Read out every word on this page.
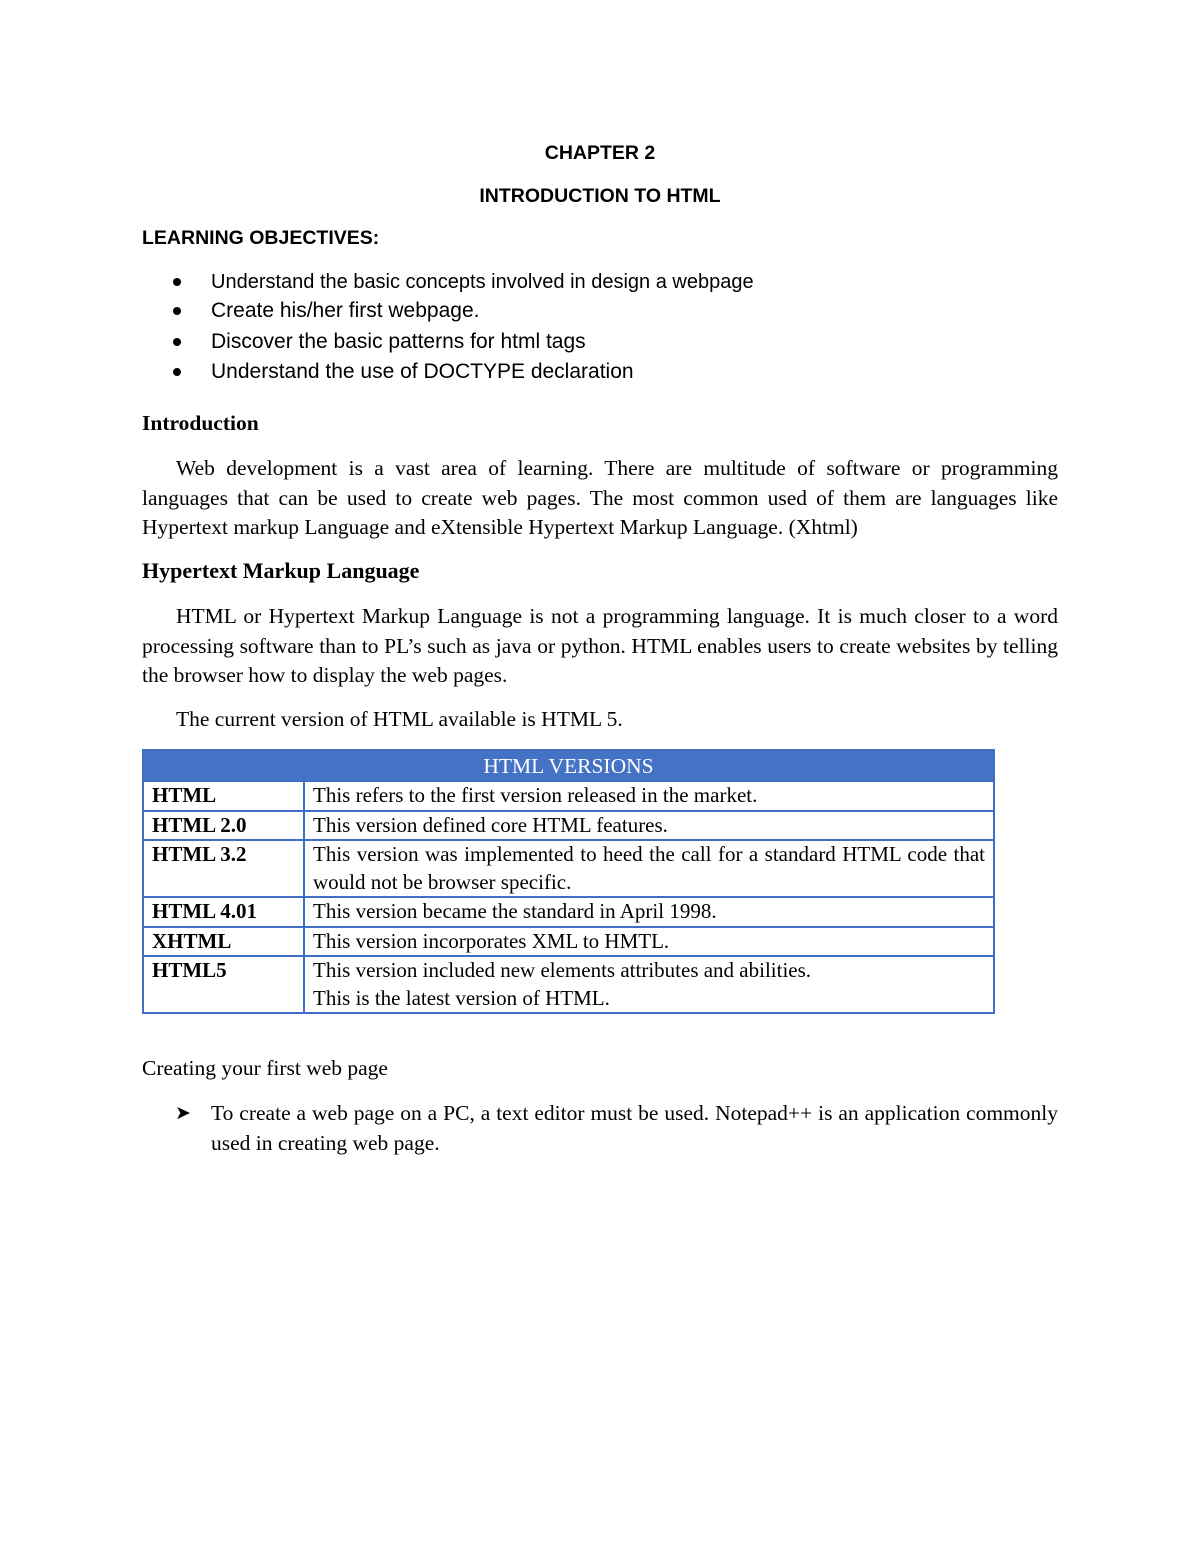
CHAPTER 2
INTRODUCTION TO HTML
LEARNING OBJECTIVES:
Understand the basic concepts involved in design a webpage
Create his/her first webpage.
Discover the basic patterns for html tags
Understand the use of DOCTYPE declaration
Introduction

Web development is a vast area of learning. There are multitude of software or programming languages that can be used to create web pages. The most common used of them are languages like Hypertext markup Language and eXtensible Hypertext Markup Language. (Xhtml)

Hypertext Markup Language

HTML or Hypertext Markup Language is not a programming language. It is much closer to a word processing software than to PL’s such as java or python. HTML enables users to create websites by telling the browser how to display the web pages.

The current version of HTML available is HTML 5.

HTML VERSIONS	
HTML	This refers to the first version released in the market.

HTML 2.0	This version defined core HTML features.

HTML 3.2	This version was implemented to heed the call for a standard HTML code that would not be browser specific.

HTML 4.01	This version became the standard in April 1998.

XHTML	This version incorporates XML to HMTL.

HTML5	This version included new elements attributes and abilities.
This is the latest version of HTML.
Creating your first web page
➤ To create a web page on a PC, a text editor must be used. Notepad++ is an application commonly used in creating web page.
